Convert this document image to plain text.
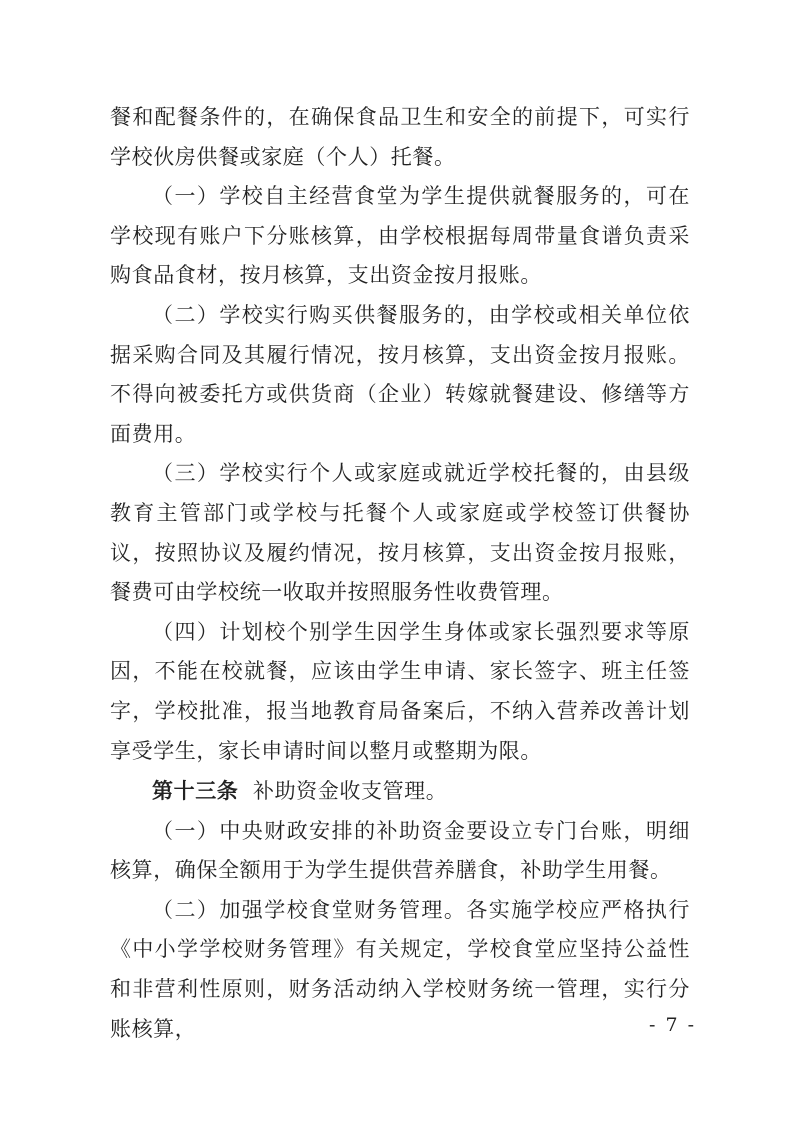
餐和配餐条件的，在确保食品卫生和安全的前提下，可实行学校伙房供餐或家庭（个人）托餐。

（一）学校自主经营食堂为学生提供就餐服务的，可在学校现有账户下分账核算，由学校根据每周带量食谱负责采购食品食材，按月核算，支出资金按月报账。

（二）学校实行购买供餐服务的，由学校或相关单位依据采购合同及其履行情况，按月核算，支出资金按月报账。不得向被委托方或供货商（企业）转嫁就餐建设、修缮等方面费用。

（三）学校实行个人或家庭或就近学校托餐的，由县级教育主管部门或学校与托餐个人或家庭或学校签订供餐协议，按照协议及履约情况，按月核算，支出资金按月报账，餐费可由学校统一收取并按照服务性收费管理。

（四）计划校个别学生因学生身体或家长强烈要求等原因，不能在校就餐，应该由学生申请、家长签字、班主任签字，学校批准，报当地教育局备案后，不纳入营养改善计划享受学生，家长申请时间以整月或整期为限。

第十三条 补助资金收支管理。

（一）中央财政安排的补助资金要设立专门台账，明细核算，确保全额用于为学生提供营养膳食，补助学生用餐。

（二）加强学校食堂财务管理。各实施学校应严格执行《中小学学校财务管理》有关规定，学校食堂应坚持公益性和非营利性原则，财务活动纳入学校财务统一管理，实行分账核算，	- 7 -
